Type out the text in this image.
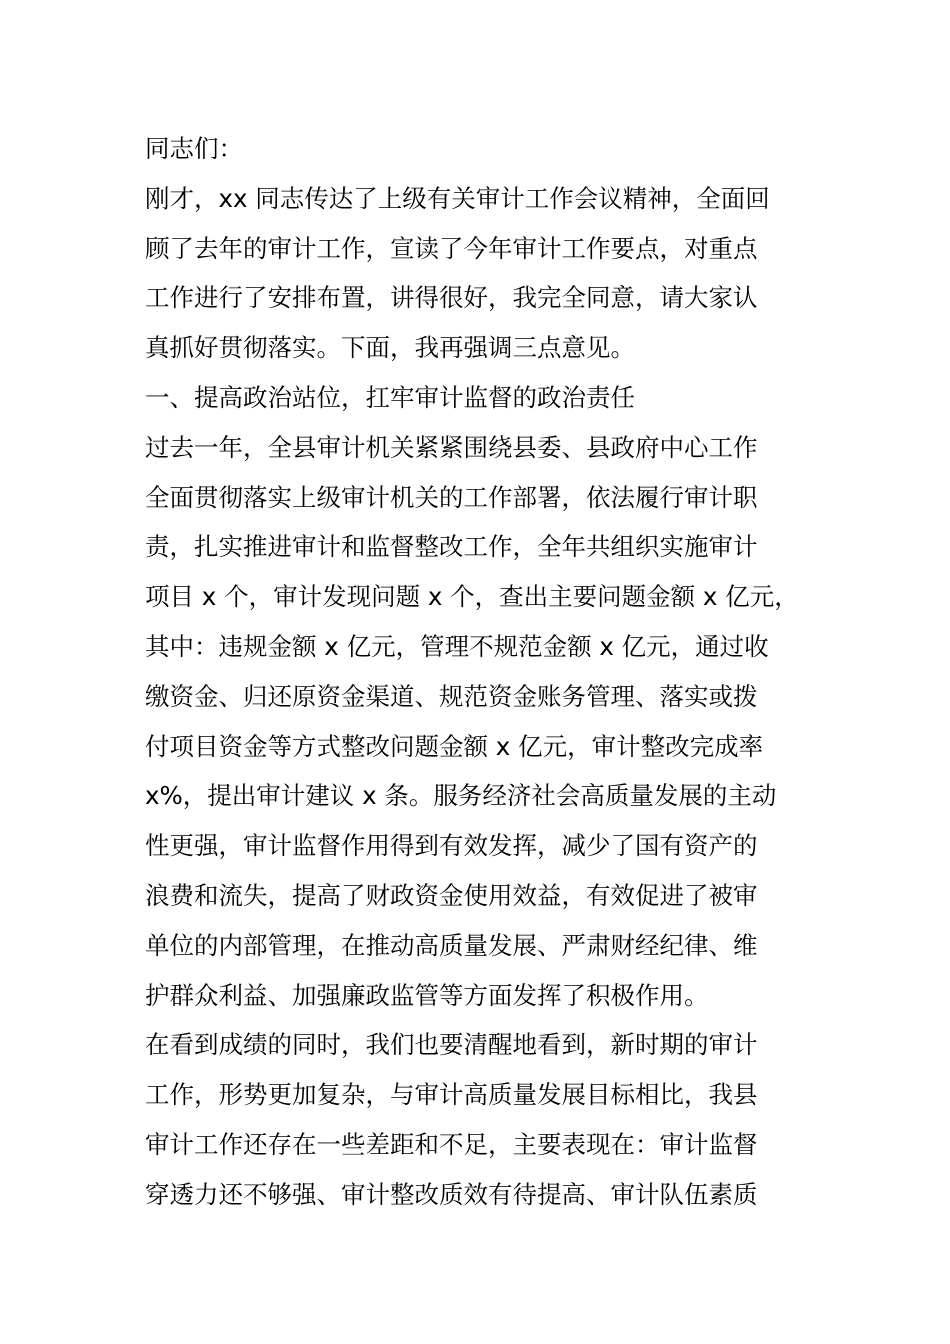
同志们：
刚才，xx 同志传达了上级有关审计工作会议精神，全面回
顾了去年的审计工作，宣读了今年审计工作要点，对重点
工作进行了安排布置，讲得很好，我完全同意，请大家认
真抓好贯彻落实。下面，我再强调三点意见。
一、提高政治站位，扛牢审计监督的政治责任
过去一年，全县审计机关紧紧围绕县委、县政府中心工作
全面贯彻落实上级审计机关的工作部署，依法履行审计职
责，扎实推进审计和监督整改工作，全年共组织实施审计
项目 x 个，审计发现问题 x 个，查出主要问题金额 x 亿元，
其中：违规金额 x 亿元，管理不规范金额 x 亿元，通过收
缴资金、归还原资金渠道、规范资金账务管理、落实或拨
付项目资金等方式整改问题金额 x 亿元，审计整改完成率
x%，提出审计建议 x 条。服务经济社会高质量发展的主动
性更强，审计监督作用得到有效发挥，减少了国有资产的
浪费和流失，提高了财政资金使用效益，有效促进了被审
单位的内部管理，在推动高质量发展、严肃财经纪律、维
护群众利益、加强廉政监管等方面发挥了积极作用。
在看到成绩的同时，我们也要清醒地看到，新时期的审计
工作，形势更加复杂，与审计高质量发展目标相比，我县
审计工作还存在一些差距和不足，主要表现在：审计监督
穿透力还不够强、审计整改质效有待提高、审计队伍素质
